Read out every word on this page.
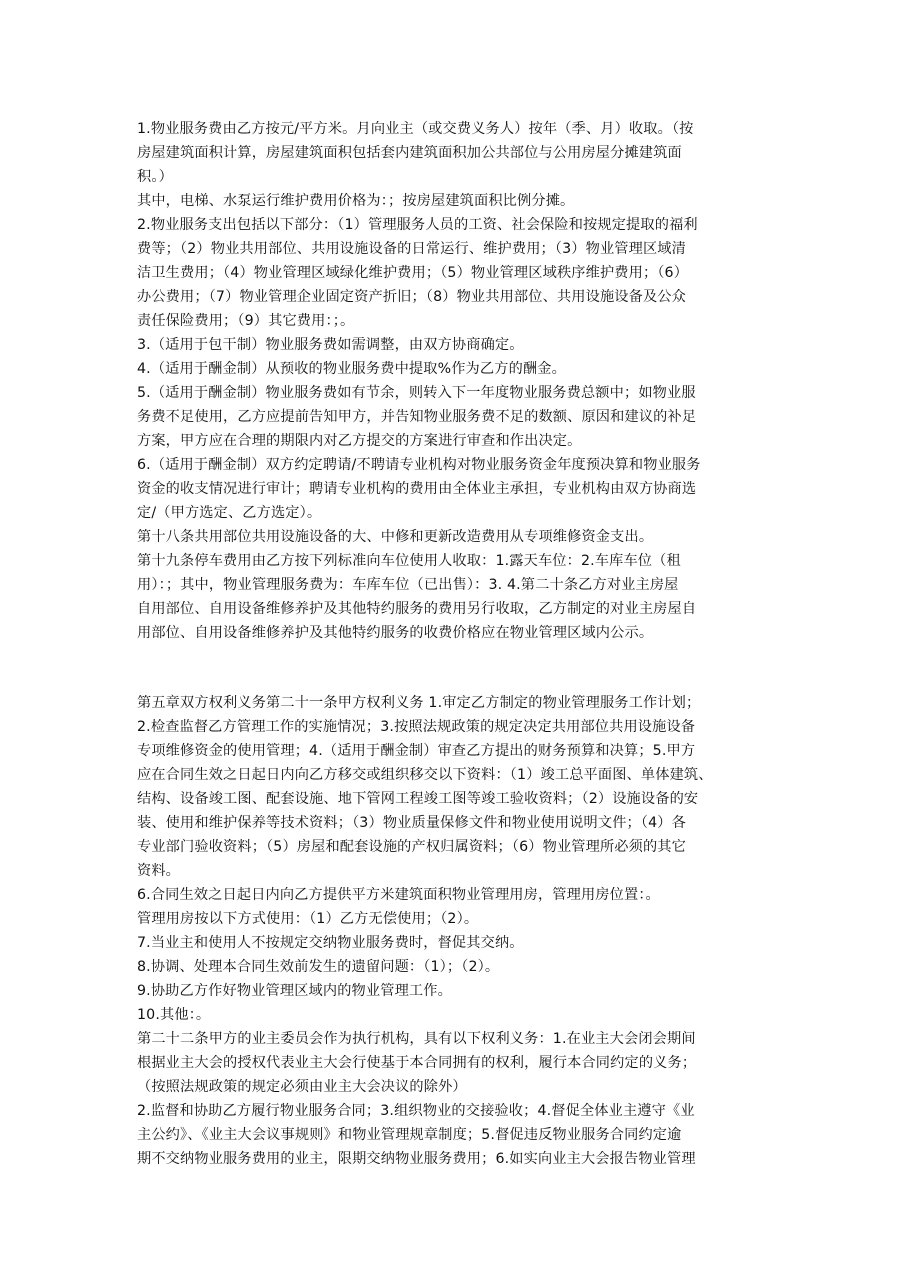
1.物业服务费由乙方按元/平方米。月向业主（或交费义务人）按年（季、月）收取。（按
房屋建筑面积计算，房屋建筑面积包括套内建筑面积加公共部位与公用房屋分摊建筑面
积。）
其中，电梯、水泵运行维护费用价格为：；按房屋建筑面积比例分摊。
2.物业服务支出包括以下部分：（1）管理服务人员的工资、社会保险和按规定提取的福利
费等；（2）物业共用部位、共用设施设备的日常运行、维护费用；（3）物业管理区域清
洁卫生费用；（4）物业管理区域绿化维护费用；（5）物业管理区域秩序维护费用；（6）
办公费用；（7）物业管理企业固定资产折旧；（8）物业共用部位、共用设施设备及公众
责任保险费用；（9）其它费用：；。
3.（适用于包干制）物业服务费如需调整，由双方协商确定。
4.（适用于酬金制）从预收的物业服务费中提取%作为乙方的酬金。
5.（适用于酬金制）物业服务费如有节余，则转入下一年度物业服务费总额中；如物业服
务费不足使用，乙方应提前告知甲方，并告知物业服务费不足的数额、原因和建议的补足
方案，甲方应在合理的期限内对乙方提交的方案进行审查和作出决定。
6.（适用于酬金制）双方约定聘请/不聘请专业机构对物业服务资金年度预决算和物业服务
资金的收支情况进行审计；聘请专业机构的费用由全体业主承担，专业机构由双方协商选
定/（甲方选定、乙方选定）。
第十八条共用部位共用设施设备的大、中修和更新改造费用从专项维修资金支出。
第十九条停车费用由乙方按下列标准向车位使用人收取：1.露天车位：2.车库车位（租
用）：；其中，物业管理服务费为：车库车位（已出售）：3. 4.第二十条乙方对业主房屋
自用部位、自用设备维修养护及其他特约服务的费用另行收取，乙方制定的对业主房屋自
用部位、自用设备维修养护及其他特约服务的收费价格应在物业管理区域内公示。
第五章双方权利义务第二十一条甲方权利义务 1.审定乙方制定的物业管理服务工作计划；
2.检查监督乙方管理工作的实施情况；3.按照法规政策的规定决定共用部位共用设施设备
专项维修资金的使用管理；4.（适用于酬金制）审查乙方提出的财务预算和决算；5.甲方
应在合同生效之日起日内向乙方移交或组织移交以下资料：（1）竣工总平面图、单体建筑、
结构、设备竣工图、配套设施、地下管网工程竣工图等竣工验收资料；（2）设施设备的安
装、使用和维护保养等技术资料；（3）物业质量保修文件和物业使用说明文件；（4）各
专业部门验收资料；（5）房屋和配套设施的产权归属资料；（6）物业管理所必须的其它
资料。
6.合同生效之日起日内向乙方提供平方米建筑面积物业管理用房，管理用房位置：。
管理用房按以下方式使用：（1）乙方无偿使用；（2）。
7.当业主和使用人不按规定交纳物业服务费时，督促其交纳。
8.协调、处理本合同生效前发生的遗留问题：（1）；（2）。
9.协助乙方作好物业管理区域内的物业管理工作。
10.其他：。
第二十二条甲方的业主委员会作为执行机构，具有以下权利义务：1.在业主大会闭会期间
根据业主大会的授权代表业主大会行使基于本合同拥有的权利，履行本合同约定的义务；
（按照法规政策的规定必须由业主大会决议的除外）
2.监督和协助乙方履行物业服务合同；3.组织物业的交接验收；4.督促全体业主遵守《业
主公约》、《业主大会议事规则》和物业管理规章制度；5.督促违反物业服务合同约定逾
期不交纳物业服务费用的业主，限期交纳物业服务费用；6.如实向业主大会报告物业管理
